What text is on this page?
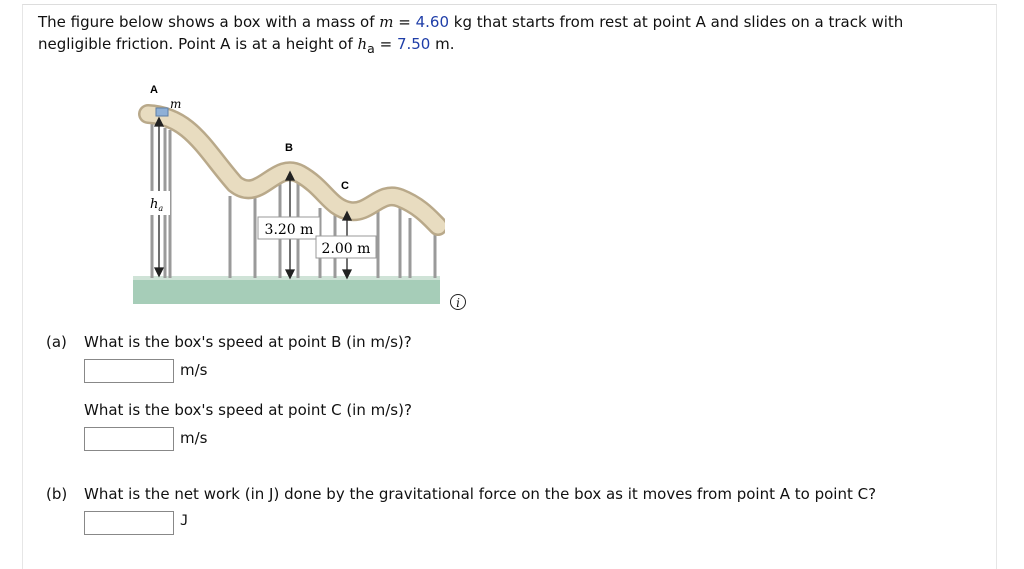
The figure below shows a box with a mass of m = 4.60 kg that starts from rest at point A and slides on a track with negligible friction. Point A is at a height of $h_a = 7.50$ m.
A
m
B
C
$h_a$
3.20 m
2.00 m
i
(a) What is the box's speed at point B (in m/s)?
m/s
What is the box's speed at point C (in m/s)?
m/s
(b) What is the net work (in J) done by the gravitational force on the box as it moves from point A to point C?
J
